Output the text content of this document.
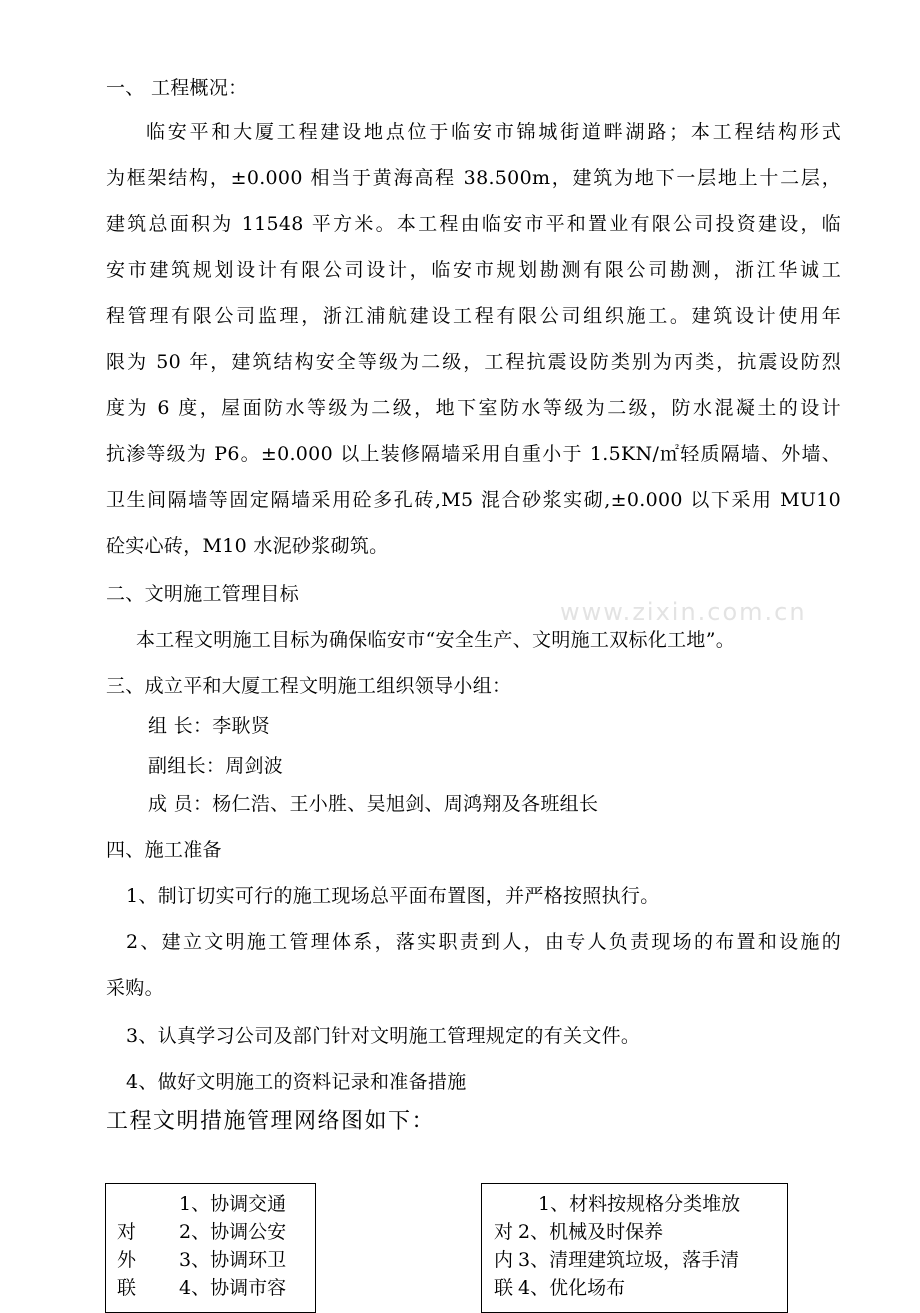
www.zixin.com.cn
一、 工程概况：
临安平和大厦工程建设地点位于临安市锦城街道畔湖路；本工程结构形式
为框架结构，±0.000 相当于黄海高程 38.500m，建筑为地下一层地上十二层，
建筑总面积为 11548 平方米。本工程由临安市平和置业有限公司投资建设，临
安市建筑规划设计有限公司设计，临安市规划勘测有限公司勘测，浙江华诚工
程管理有限公司监理，浙江浦航建设工程有限公司组织施工。建筑设计使用年
限为 50 年，建筑结构安全等级为二级，工程抗震设防类别为丙类，抗震设防烈
度为 6 度，屋面防水等级为二级，地下室防水等级为二级，防水混凝土的设计
抗渗等级为 P6。±0.000 以上装修隔墙采用自重小于 1.5KN/㎡轻质隔墙、外墙、
卫生间隔墙等固定隔墙采用砼多孔砖,M5 混合砂浆实砌,±0.000 以下采用 MU10
砼实心砖，M10 水泥砂浆砌筑。
二、文明施工管理目标
本工程文明施工目标为确保临安市“安全生产、文明施工双标化工地”。
三、成立平和大厦工程文明施工组织领导小组：
组 长：李耿贤
副组长：周剑波
成 员：杨仁浩、王小胜、吴旭剑、周鸿翔及各班组长
四、施工准备
1、制订切实可行的施工现场总平面布置图，并严格按照执行。
2、建立文明施工管理体系，落实职责到人，由专人负责现场的布置和设施的
采购。
3、认真学习公司及部门针对文明施工管理规定的有关文件。
4、做好文明施工的资料记录和准备措施
工程文明措施管理网络图如下：
对
外
联
1、协调交通
2、协调公安
3、协调环卫
4、协调市容
对
内
联
1、材料按规格分类堆放
2、机械及时保养
3、清理建筑垃圾，落手清
4、优化场布
